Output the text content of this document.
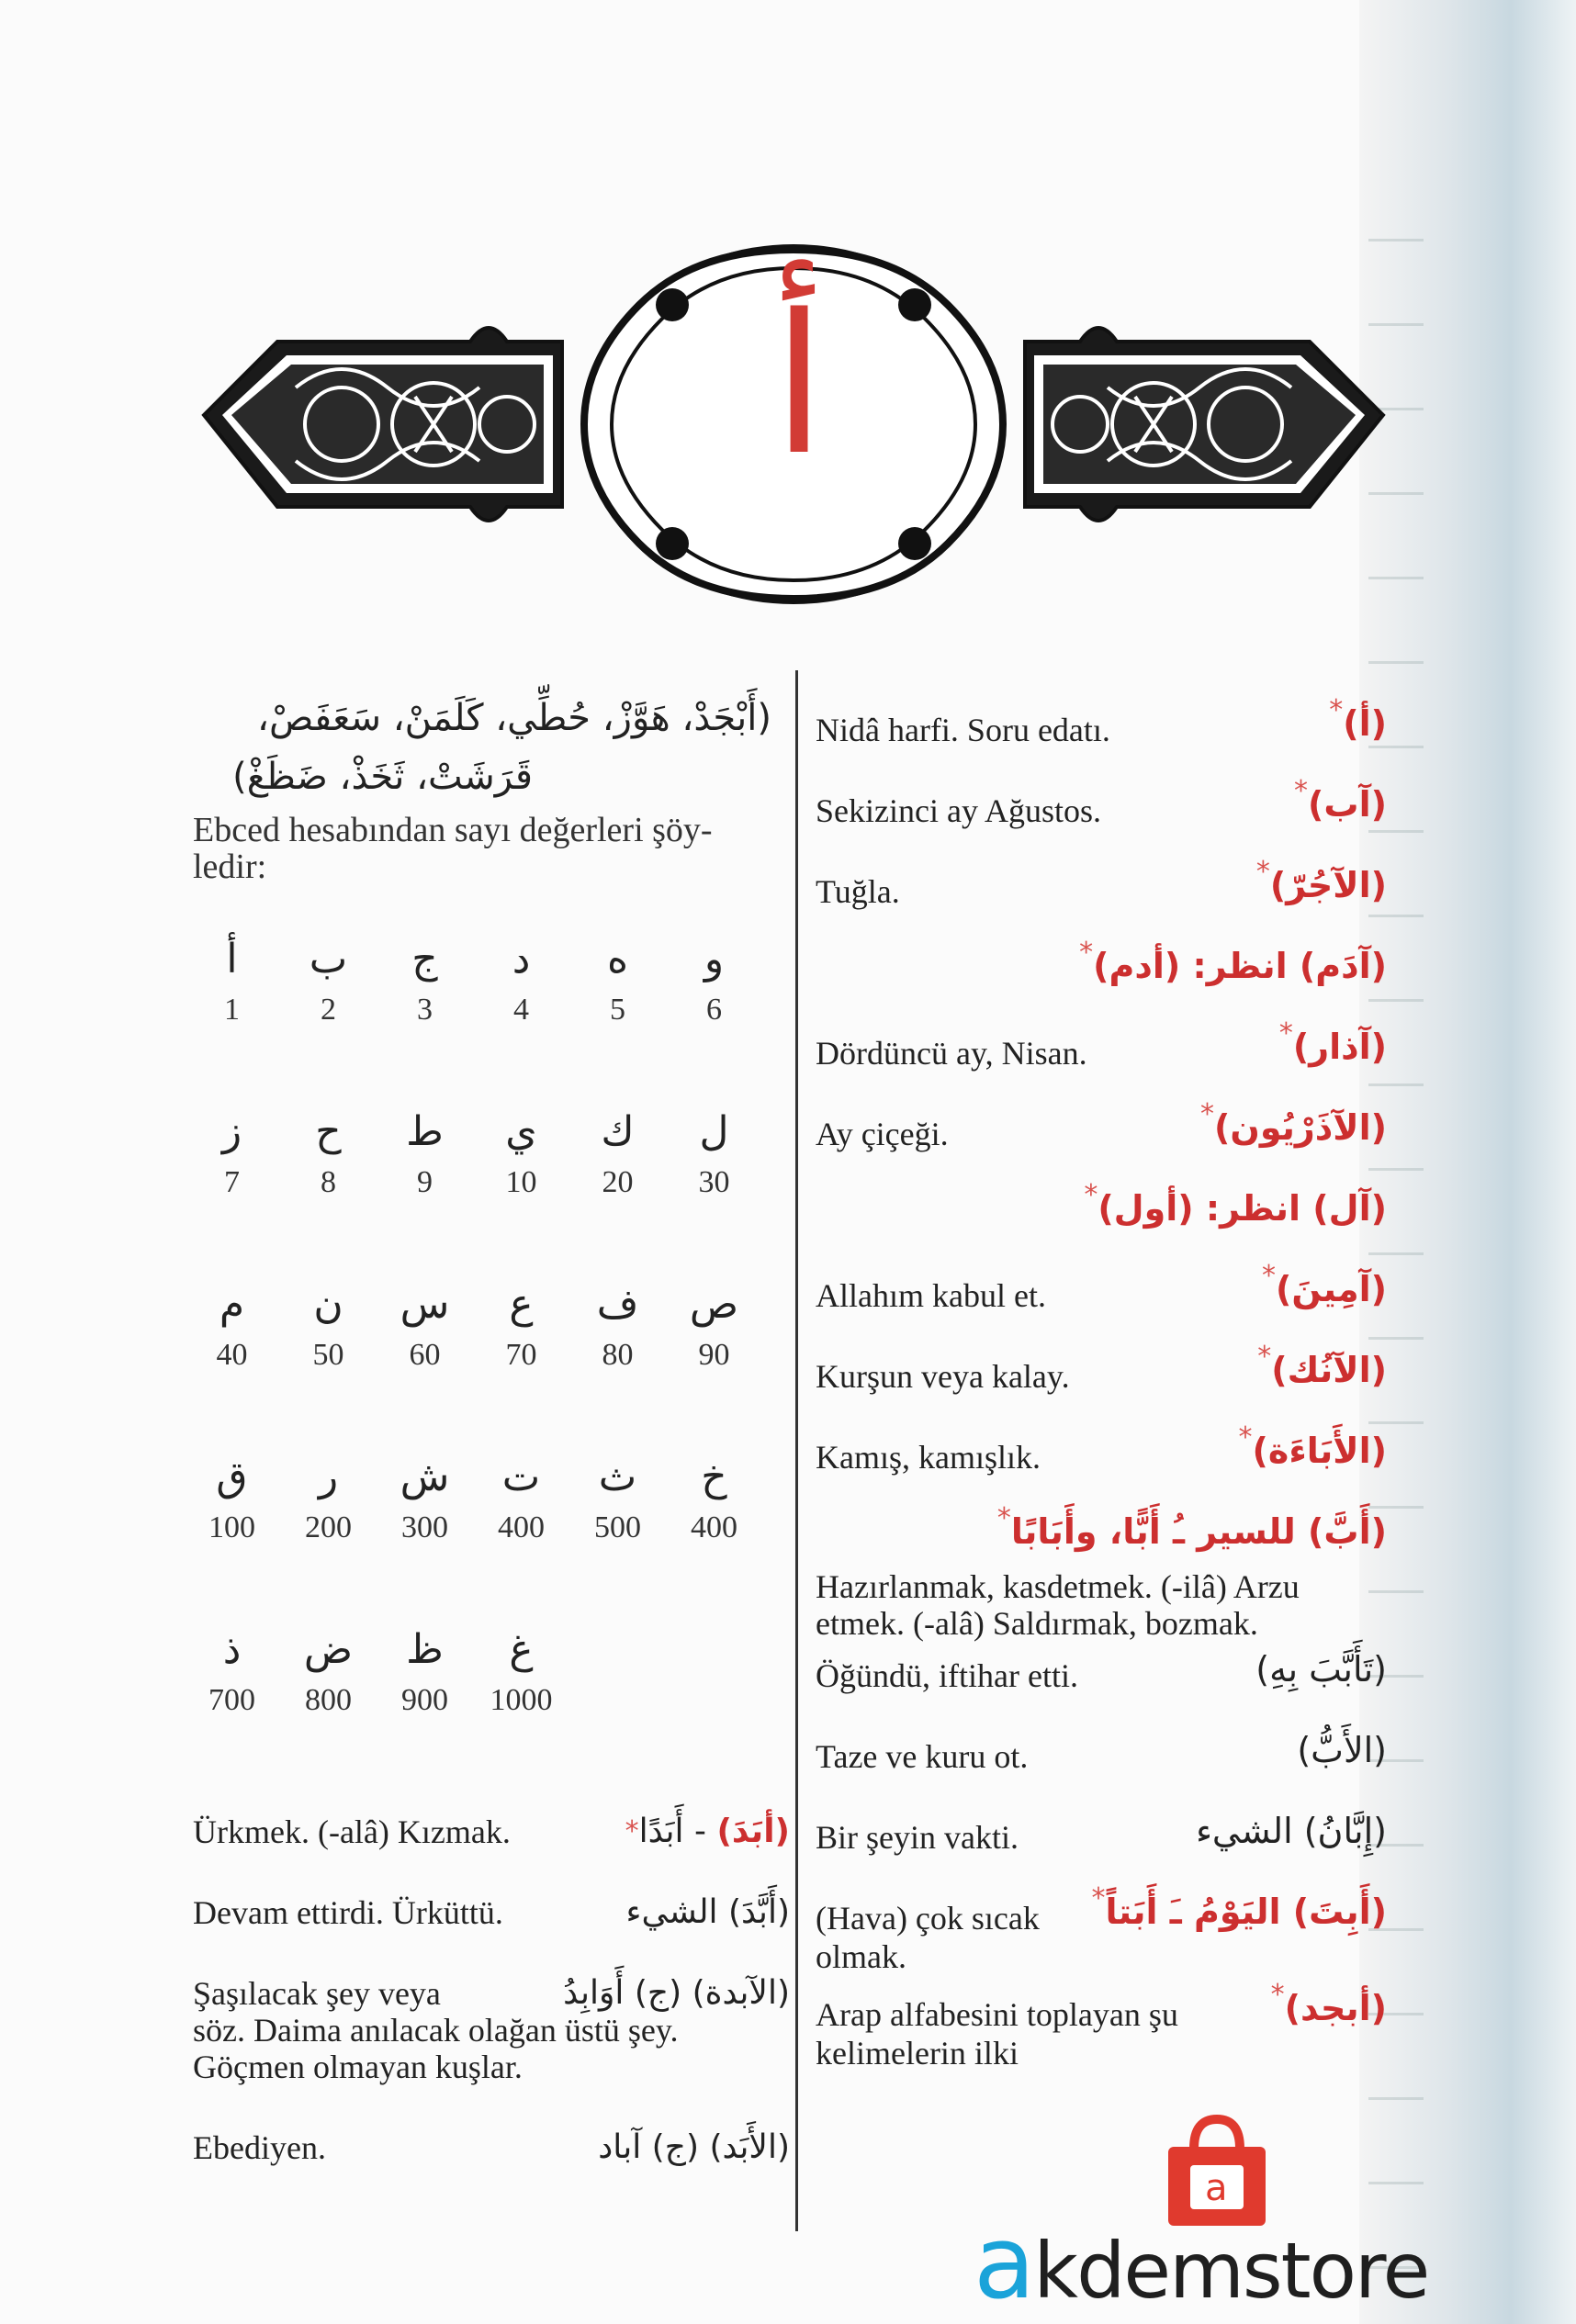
أ
(أَبْجَدْ، هَوَّزْ، حُطِّي، كَلَمَنْ، سَعَفَصْ،
قَرَشَتْ، ثَخَذْ، ضَظَغْ)
Ebced hesabından sayı değerleri şöy-ledir:
أ	ب	ج	د	ه	و
1	2	3	4	5	6
ز	ح	ط	ي	ك	ل
7	8	9	10	20	30
م	ن	س	ع	ف	ص
40	50	60	70	80	90
ق	ر	ش	ت	ث	خ
100	200	300	400	500	400
ذ	ض	ظ	غ
700	800	900	1000
(أبَدَ) - أَبَدًا*
Ürkmek. (-alâ) Kızmak.
(أَبَّدَ) الشيء
Devam ettirdi. Ürküttü.
(الآبدة) (ج) أَوَابِدُ
Şaşılacak şey veya
söz. Daima anılacak olağan üstü şey. Göçmen olmayan kuşlar.
(الأَبَد) (ج) آباد
Ebediyen.
(أ)*
Nidâ harfi. Soru edatı.
(آب)*
Sekizinci ay Ağustos.
(الآجُرّ)*
Tuğla.
(آدَم) انظر: (أدم)*
(آذار)*
Dördüncü ay, Nisan.
(الآذَرْيُون)*
Ay çiçeği.
(آل) انظر: (أول)*
(آمِينَ)*
Allahım kabul et.
(الآنُك)*
Kurşun veya kalay.
(الأَبَاءَة)*
Kamış, kamışlık.
(أَبَّ) للسير ـُ أَبًّا، وأَبَابًا*
Hazırlanmak, kasdetmek. (-ilâ) Arzu etmek. (-alâ) Saldırmak, bozmak.
(تَأَبَّبَ بِهِ)
Öğündü, iftihar etti.
(الأَبُّ)
Taze ve kuru ot.
(إِبَّانُ) الشيء
Bir şeyin vakti.
(أَبِتَ) اليَوْمُ ـَ أَبَتاً*
(Hava) çok sıcak
olmak.
(أبجد)*
Arap alfabesini toplayan şu
kelimelerin ilki
a
akdemstore
